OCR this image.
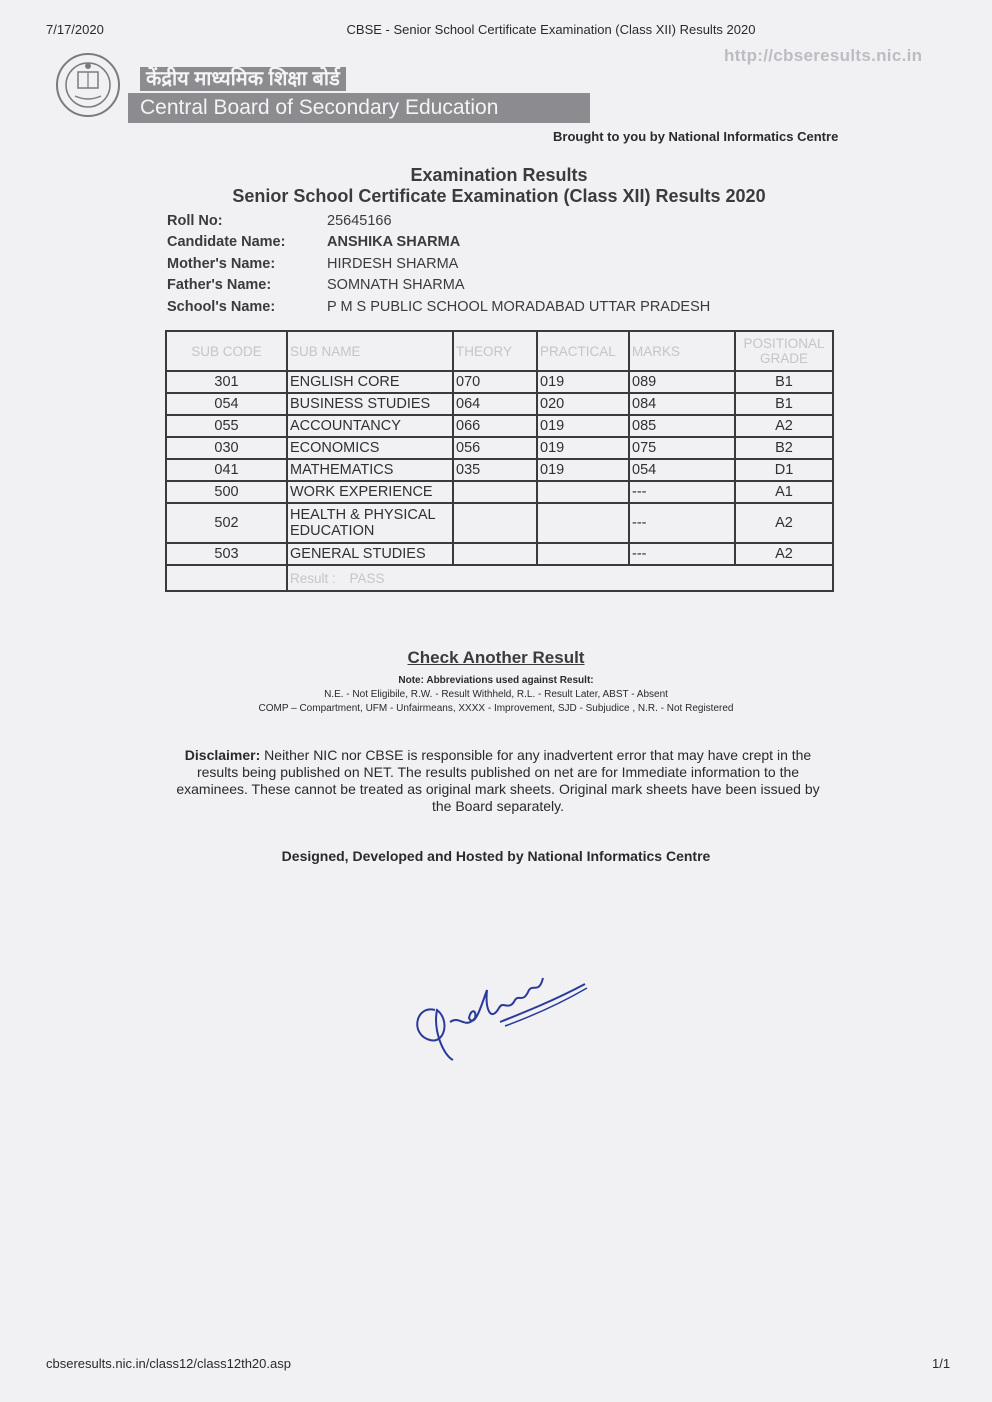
7/17/2020	CBSE - Senior School Certificate Examination (Class XII) Results 2020
http://cbseresults.nic.in
केंद्रीय माध्यमिक शिक्षा बोर्ड
Central Board of Secondary Education
Brought to you by National Informatics Centre
Examination Results
Senior School Certificate Examination (Class XII) Results 2020
Roll No:	25645166
Candidate Name:	ANSHIKA SHARMA
Mother's Name:	HIRDESH SHARMA
Father's Name:	SOMNATH SHARMA
School's Name:	P M S PUBLIC SCHOOL MORADABAD UTTAR PRADESH
SUB CODE	SUB NAME	THEORY	PRACTICAL	MARKS	POSITIONAL GRADE
301	ENGLISH CORE	070	019	089	B1
054	BUSINESS STUDIES	064	020	084	B1
055	ACCOUNTANCY	066	019	085	A2
030	ECONOMICS	056	019	075	B2
041	MATHEMATICS	035	019	054	D1
500	WORK EXPERIENCE			---	A1
502	HEALTH & PHYSICAL EDUCATION			---	A2
503	GENERAL STUDIES			---	A2
	Result : PASS				
Check Another Result
Note: Abbreviations used against Result:
N.E. - Not Eligibile, R.W. - Result Withheld, R.L. - Result Later, ABST - Absent
COMP – Compartment, UFM - Unfairmeans, XXXX - Improvement, SJD - Subjudice , N.R. - Not Registered
Disclaimer: Neither NIC nor CBSE is responsible for any inadvertent error that may have crept in the results being published on NET. The results published on net are for Immediate information to the examinees. These cannot be treated as original mark sheets. Original mark sheets have been issued by the Board separately.
Designed, Developed and Hosted by National Informatics Centre
cbseresults.nic.in/class12/class12th20.asp	1/1
